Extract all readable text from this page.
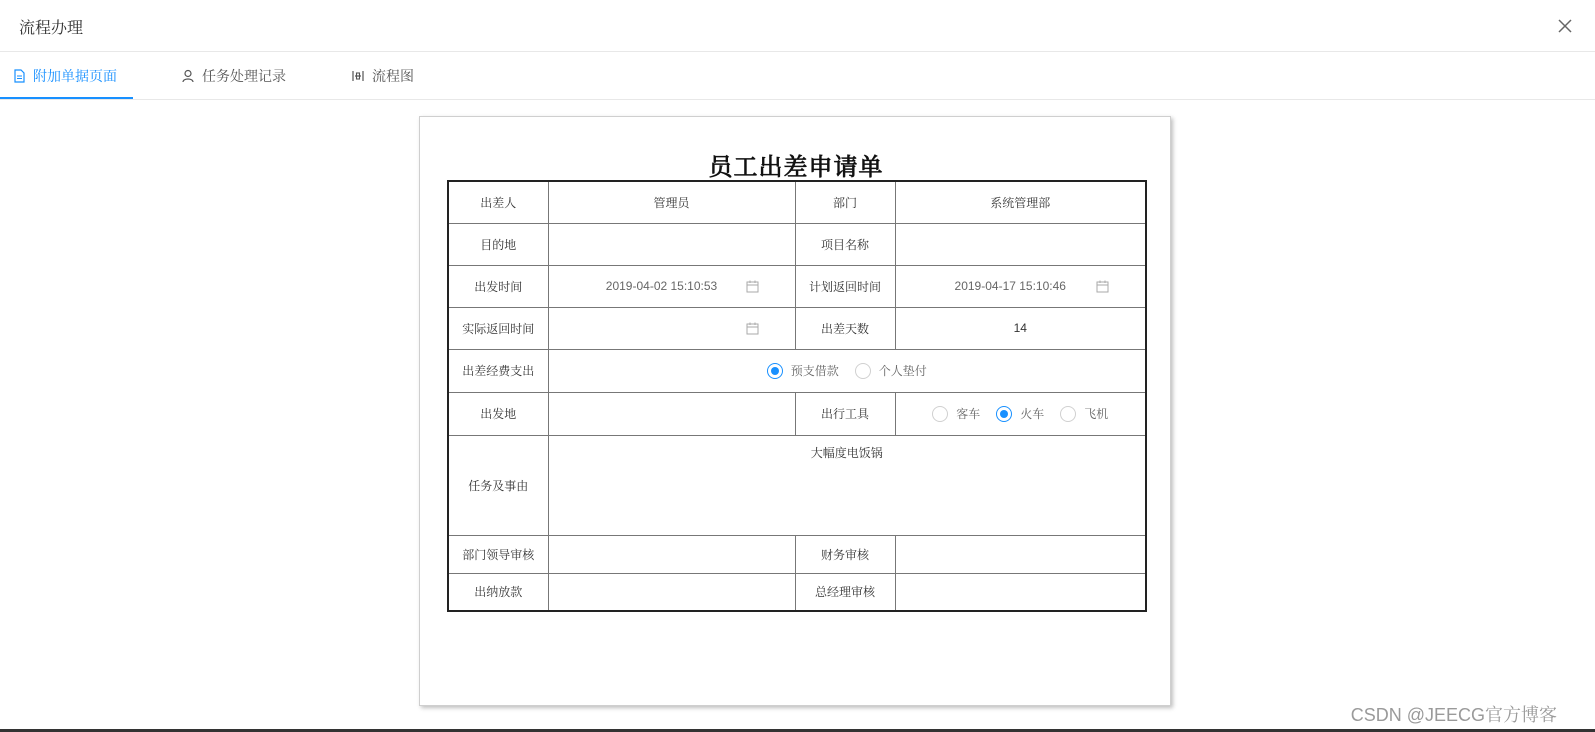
流程办理
附加单据页面	任务处理记录	流程图
员工出差申请单
出差人	管理员	部门	系统管理部
目的地		项目名称	
出发时间	2019-04-02 15:10:53	计划返回时间	2019-04-17 15:10:46

实际返回时间		出差天数	14
出差经费支出	预支借款 个人垫付		

出发地		出行工具	客车 火车 飞机

任务及事由	大幅度电饭锅		
部门领导审核		财务审核	
出纳放款		总经理审核	
CSDN @JEECG官方博客
